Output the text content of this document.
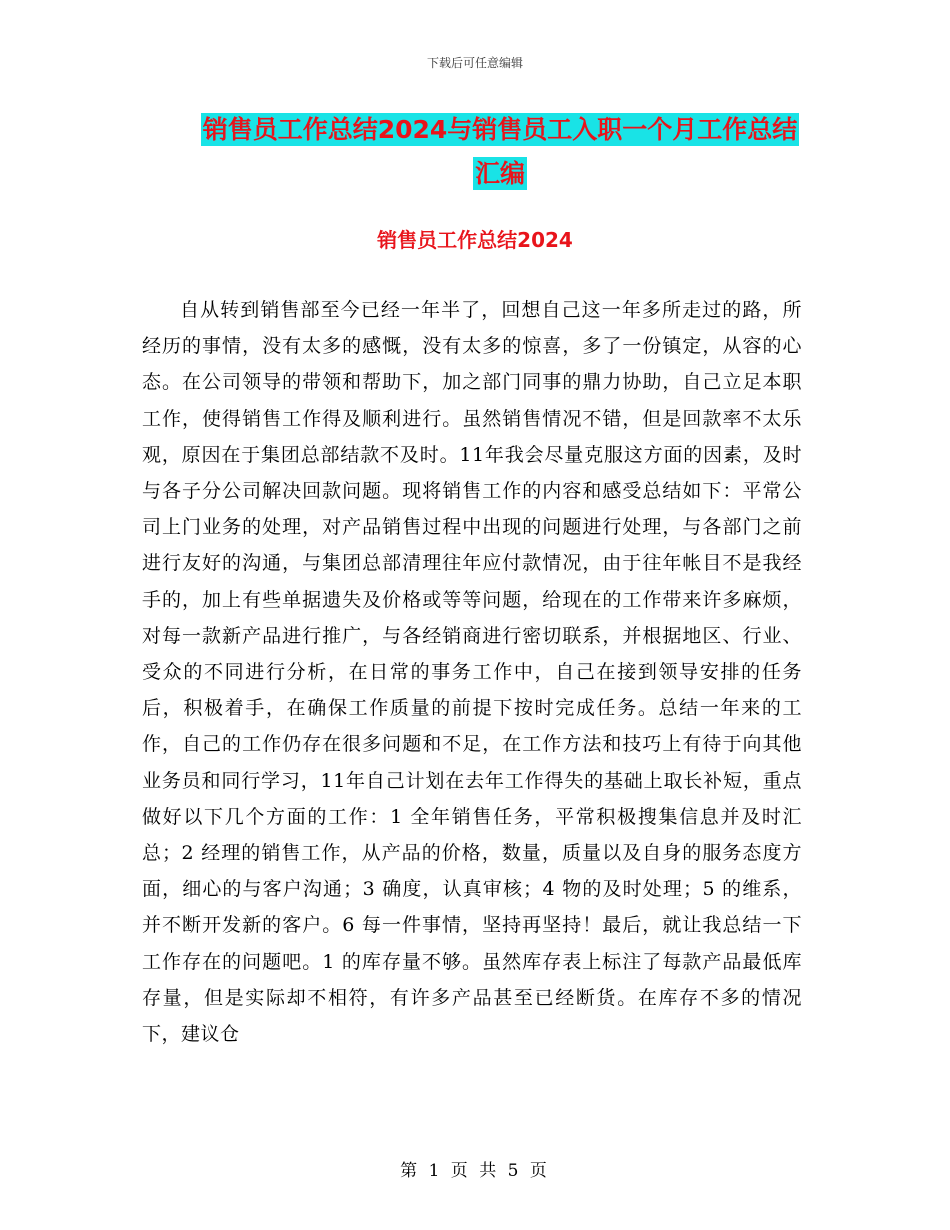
下载后可任意编辑
销售员工作总结2024与销售员工入职一个月工作总结
汇编
销售员工作总结2024

自从转到销售部至今已经一年半了，回想自己这一年多所走过的路，所经历的事情，没有太多的感慨，没有太多的惊喜，多了一份镇定，从容的心态。在公司领导的带领和帮助下，加之部门同事的鼎力协助，自己立足本职工作，使得销售工作得及顺利进行。虽然销售情况不错，但是回款率不太乐观，原因在于集团总部结款不及时。11年我会尽量克服这方面的因素，及时与各子分公司解决回款问题。现将销售工作的内容和感受总结如下：平常公司上门业务的处理，对产品销售过程中出现的问题进行处理，与各部门之前进行友好的沟通，与集团总部清理往年应付款情况，由于往年帐目不是我经手的，加上有些单据遗失及价格或等等问题，给现在的工作带来许多麻烦，对每一款新产品进行推广，与各经销商进行密切联系，并根据地区、行业、受众的不同进行分析，在日常的事务工作中，自己在接到领导安排的任务后，积极着手，在确保工作质量的前提下按时完成任务。总结一年来的工作，自己的工作仍存在很多问题和不足，在工作方法和技巧上有待于向其他业务员和同行学习，11年自己计划在去年工作得失的基础上取长补短，重点做好以下几个方面的工作：1 全年销售任务，平常积极搜集信息并及时汇总；2 经理的销售工作，从产品的价格，数量，质量以及自身的服务态度方面，细心的与客户沟通；3 确度，认真审核；4 物的及时处理；5 的维系，并不断开发新的客户。6 每一件事情，坚持再坚持！最后，就让我总结一下工作存在的问题吧。1 的库存量不够。虽然库存表上标注了每款产品最低库存量，但是实际却不相符，有许多产品甚至已经断货。在库存不多的情况下，建议仓

第 1 页 共 5 页
